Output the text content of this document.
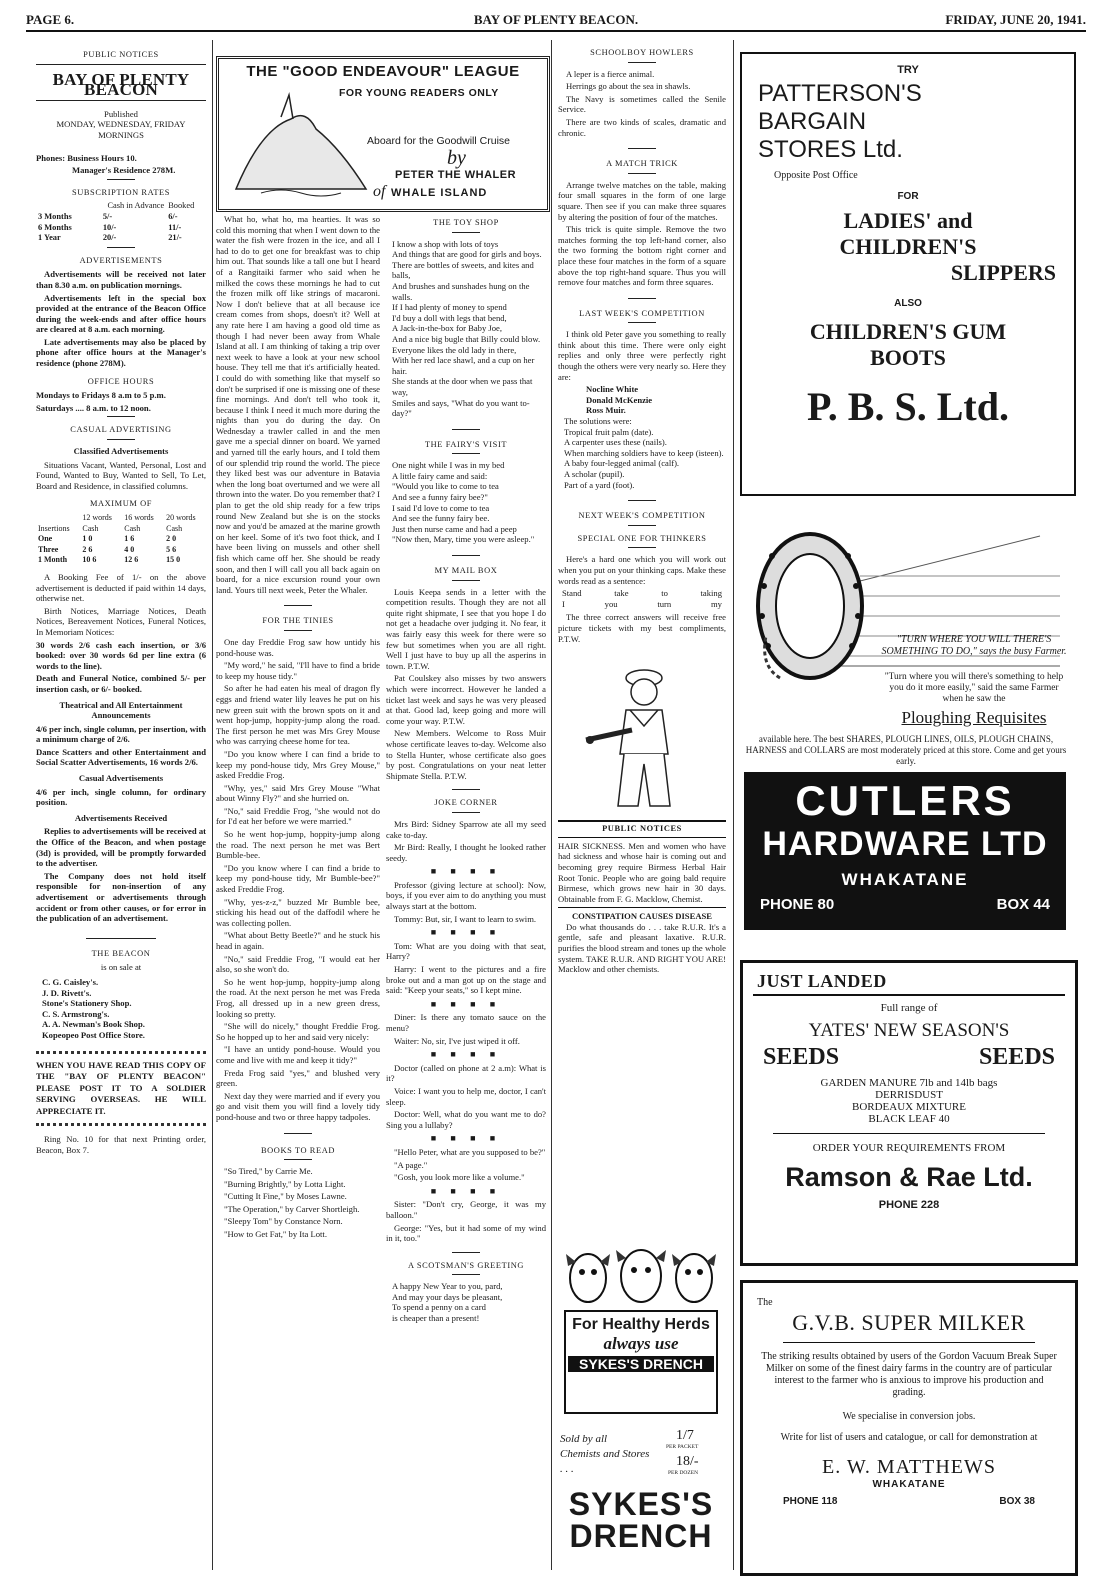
PAGE 6.	BAY OF PLENTY BEACON.	FRIDAY, JUNE 20, 1941.
PUBLIC NOTICES
BAY OF PLENTY BEACON
Published
MONDAY, WEDNESDAY, FRIDAY
MORNINGS

Phones: Business Hours 10.

Manager's Residence 278M.

SUBSCRIPTION RATES
	Cash in Advance		Booked
3 Months		5/-	6/-
6 Months		10/-	11/-
1 Year		20/-	21/-
ADVERTISEMENTS

Advertisements will be received not later than 8.30 a.m. on publication mornings.

Advertisements left in the special box provided at the entrance of the Beacon Office during the week-ends and after office hours are cleared at 8 a.m. each morning.

Late advertisements may also be placed by phone after office hours at the Manager's residence (phone 278M).

OFFICE HOURS

Mondays to Fridays 8 a.m to 5 p.m.

Saturdays .... 8 a.m. to 12 noon.

CASUAL ADVERTISING
Classified Advertisements

Situations Vacant, Wanted, Personal, Lost and Found, Wanted to Buy, Wanted to Sell, To Let, Board and Residence, in classified columns.

MAXIMUM OF
	12 words	16 words	20 words
Insertions	Cash	Cash	Cash
One	1 0	1 6	2 0
Three	2 6	4 0	5 6
1 Month	10 6	12 6	15 0

A Booking Fee of 1/- on the above advertisement is deducted if paid within 14 days, otherwise net.

Birth Notices, Marriage Notices, Death Notices, Bereavement Notices, Funeral Notices, In Memoriam Notices:

30 words 2/6 cash each insertion, or 3/6 booked: over 30 words 6d per line extra (6 words to the line).

Death and Funeral Notice, combined 5/- per insertion cash, or 6/- booked.

Theatrical and All Entertainment Announcements

4/6 per inch, single column, per insertion, with a minimum charge of 2/6.

Dance Scatters and other Entertainment and Social Scatter Advertisements, 16 words 2/6.

Casual Advertisements

4/6 per inch, single column, for ordinary position.

Advertisements Received

Replies to advertisements will be received at the Office of the Beacon, and when postage (3d) is provided, will be promptly forwarded to the advertiser.

The Company does not hold itself responsible for non-insertion of any advertisement or advertisements through accident or from other causes, or for error in the publication of an advertisement.

THE BEACON
is on sale at
C. G. Caisley's.
J. D. Rivett's.
Stone's Stationery Shop.
C. S. Armstrong's.
A. A. Newman's Book Shop.
Kopeopeo Post Office Store.

WHEN YOU HAVE READ THIS COPY OF THE "BAY OF PLENTY BEACON" PLEASE POST IT TO A SOLDIER SERVING OVERSEAS. HE WILL APPRECIATE IT.

Ring No. 10 for that next Printing order, Beacon, Box 7.

THE "GOOD ENDEAVOUR" LEAGUE
FOR YOUNG READERS ONLY
Aboard for the Goodwill Cruise
by
PETER THE WHALER
of WHALE ISLAND

What ho, what ho, ma hearties. It was so cold this morning that when I went down to the water the fish were frozen in the ice, and all I had to do to get one for breakfast was to chip him out. That sounds like a tall one but I heard of a Rangitaiki farmer who said when he milked the cows these mornings he had to cut the frozen milk off like strings of macaroni. Now I don't believe that at all because ice cream comes from shops, doesn't it? Well at any rate here I am having a good old time as though I had never been away from Whale Island at all. I am thinking of taking a trip over next week to have a look at your new school house. They tell me that it's artificially heated. I could do with something like that myself so don't be surprised if one is missing one of these fine mornings. And don't tell who took it, because I think I need it much more during the nights than you do during the day. On Wednesday a trawler called in and the men gave me a special dinner on board. We yarned and yarned till the early hours, and I told them of our splendid trip round the world. The piece they liked best was our adventure in Batavia when the long boat overturned and we were all thrown into the water. Do you remember that? I plan to get the old ship ready for a few trips round New Zealand but she is on the stocks now and you'd be amazed at the marine growth on her keel. Some of it's two foot thick, and I have been living on mussels and other shell fish which came off her. She should be ready soon, and then I will call you all back again on board, for a nice excursion round your own land. Yours till next week, Peter the Whaler.

FOR THE TINIES

One day Freddie Frog saw how untidy his pond-house was.

"My word," he said, "I'll have to find a bride to keep my house tidy."

So after he had eaten his meal of dragon fly eggs and friend water lily leaves he put on his new green suit with the brown spots on it and went hop-jump, hoppity-jump along the road. The first person he met was Mrs Grey Mouse who was carrying cheese home for tea.

"Do you know where I can find a bride to keep my pond-house tidy, Mrs Grey Mouse," asked Freddie Frog.

"Why, yes," said Mrs Grey Mouse "What about Winny Fly?" and she hurried on.

"No," said Freddie Frog, "she would not do for I'd eat her before we were married."

So he went hop-jump, hoppity-jump along the road. The next person he met was Bert Bumble-bee.

"Do you know where I can find a bride to keep my pond-house tidy, Mr Bumble-bee?" asked Freddie Frog.

"Why, yes-z-z," buzzed Mr Bumble bee, sticking his head out of the daffodil where he was collecting pollen.

"What about Betty Beetle?" and he stuck his head in again.

"No," said Freddie Frog, "I would eat her also, so she won't do.

So he went hop-jump, hoppity-jump along the road. At the next person he met was Freda Frog, all dressed up in a new green dress, looking so pretty.

"She will do nicely," thought Freddie Frog. So he hopped up to her and said very nicely:

"I have an untidy pond-house. Would you come and live with me and keep it tidy?"

Freda Frog said "yes," and blushed very green.

Next day they were married and if every you go and visit them you will find a lovely tidy pond-house and two or three happy tadpoles.

BOOKS TO READ

"So Tired," by Carrie Me.

"Burning Brightly," by Lotta Light.

"Cutting It Fine," by Moses Lawne.

"The Operation," by Carver Shortleigh.

"Sleepy Tom" by Constance Norn.

"How to Get Fat," by Ita Lott.

THE TOY SHOP
I know a shop with lots of toys
And things that are good for girls and boys.
There are bottles of sweets, and kites and balls,
And brushes and sunshades hung on the walls.
If I had plenty of money to spend
I'd buy a doll with legs that bend,
A Jack-in-the-box for Baby Joe,
And a nice big bugle that Billy could blow.
Everyone likes the old lady in there,
With her red lace shawl, and a cup on her hair.
She stands at the door when we pass that way,
Smiles and says, "What do you want to-day?"
THE FAIRY'S VISIT
One night while I was in my bed
A little fairy came and said:
"Would you like to come to tea
And see a funny fairy bee?"
I said I'd love to come to tea
And see the funny fairy bee.
Just then nurse came and had a peep
"Now then, Mary, time you were asleep."
MY MAIL BOX

Louis Keepa sends in a letter with the competition results. Though they are not all quite right shipmate, I see that you hope I do not get a headache over judging it. No fear, it was fairly easy this week for there were so few but sometimes when you are all right. Well I just have to buy up all the asperins in town. P.T.W.

Pat Coulskey also misses by two answers which were incorrect. However he landed a ticket last week and says he was very pleased at that. Good lad, keep going and more will come your way. P.T.W.

New Members. Welcome to Ross Muir whose certificate leaves to-day. Welcome also to Stella Hunter, whose certificate also goes by post. Congratulations on your neat letter Shipmate Stella. P.T.W.

JOKE CORNER

Mrs Bird: Sidney Sparrow ate all my seed cake to-day.

Mr Bird: Really, I thought he looked rather seedy.

■ ■ ■ ■

Professor (giving lecture at school): Now, boys, if you ever aim to do anything you must always start at the bottom.

Tommy: But, sir, I want to learn to swim.

■ ■ ■ ■

Tom: What are you doing with that seat, Harry?

Harry: I went to the pictures and a fire broke out and a man got up on the stage and said: "Keep your seats," so I kept mine.

■ ■ ■ ■

Diner: Is there any tomato sauce on the menu?

Waiter: No, sir, I've just wiped it off.

■ ■ ■ ■

Doctor (called on phone at 2 a.m): What is it?

Voice: I want you to help me, doctor, I can't sleep.

Doctor: Well, what do you want me to do? Sing you a lullaby?

■ ■ ■ ■

"Hello Peter, what are you supposed to be?"

"A page."

"Gosh, you look more like a volume."

■ ■ ■ ■

Sister: "Don't cry, George, it was my balloon."

George: "Yes, but it had some of my wind in it, too."

A SCOTSMAN'S GREETING
A happy New Year to you, pard,
And may your days be pleasant,
To spend a penny on a card
is cheaper than a present!
SCHOOLBOY HOWLERS

A leper is a fierce animal.

Herrings go about the sea in shawls.

The Navy is sometimes called the Senile Service.

There are two kinds of scales, dramatic and chronic.

A MATCH TRICK

Arrange twelve matches on the table, making four small squares in the form of one large square. Then see if you can make three squares by altering the position of four of the matches.

This trick is quite simple. Remove the two matches forming the top left-hand corner, also the two forming the bottom right corner and place these four matches in the form of a square above the top right-hand square. Thus you will remove four matches and form three squares.

LAST WEEK'S COMPETITION

I think old Peter gave you something to really think about this time. There were only eight replies and only three were perfectly right though the others were very nearly so. Here they are:

Nocline White
Donald McKenzie
Ross Muir.
The solutions were:
Tropical fruit palm (date).
A carpenter uses these (nails).
When marching soldiers have to keep (isteen).
A baby four-legged animal (calf).
A scholar (pupil).
Part of a yard (foot).
NEXT WEEK'S COMPETITION
SPECIAL ONE FOR THINKERS

Here's a hard one which you will work out when you put on your thinking caps. Make these words read as a sentence:

Stand	take	to	taking
I	you	turn	my

The three correct answers will receive free picture tickets with my best compliments, P.T.W.

PUBLIC NOTICES

HAIR SICKNESS. Men and women who have had sickness and whose hair is coming out and becoming grey require Birmess Herbal Hair Root Tonic. People who are going bald require Birmese, which grows new hair in 30 days. Obtainable from F. G. Macklow, Chemist.

CONSTIPATION CAUSES DISEASE

Do what thousands do . . . take R.U.R. It's a gentle, safe and pleasant laxative. R.U.R. purifies the blood stream and tones up the whole system. TAKE R.U.R. AND RIGHT YOU ARE! Macklow and other chemists.

For Healthy Herds
always use
SYKES'S DRENCH
Sold by all Chemists and Stores . . .
1/7
PER PACKET
18/-
PER DOZEN
SYKES'S
DRENCH
TRY
PATTERSON'S
BARGAIN
STORES Ltd.
Opposite Post Office
FOR
LADIES' and
CHILDREN'S
SLIPPERS
ALSO
CHILDREN'S GUM
BOOTS
P. B. S. Ltd.
"TURN WHERE YOU WILL THERE'S SOMETHING TO DO," says the busy Farmer.
"Turn where you will there's something to help you do it more easily," said the same Farmer when he saw the
Ploughing Requisites
available here. The best SHARES, PLOUGH LINES, OILS, PLOUGH CHAINS, HARNESS and COLLARS are most moderately priced at this store. Come and get yours early.
CUTLERS
HARDWARE LTD
WHAKATANE
PHONE 80	BOX 44
JUST LANDED
Full range of
YATES' NEW SEASON'S
SEEDS	SEEDS
GARDEN MANURE 7lb and 14lb bags
DERRISDUST
BORDEAUX MIXTURE
BLACK LEAF 40
ORDER YOUR REQUIREMENTS FROM
Ramson & Rae Ltd.
PHONE 228
The
G.V.B. SUPER MILKER
The striking results obtained by users of the Gordon Vacuum Break Super Milker on some of the finest dairy farms in the country are of particular interest to the farmer who is anxious to improve his production and grading.
We specialise in conversion jobs.
Write for list of users and catalogue, or call for demonstration at
E. W. MATTHEWS
WHAKATANE
PHONE 118	BOX 38
